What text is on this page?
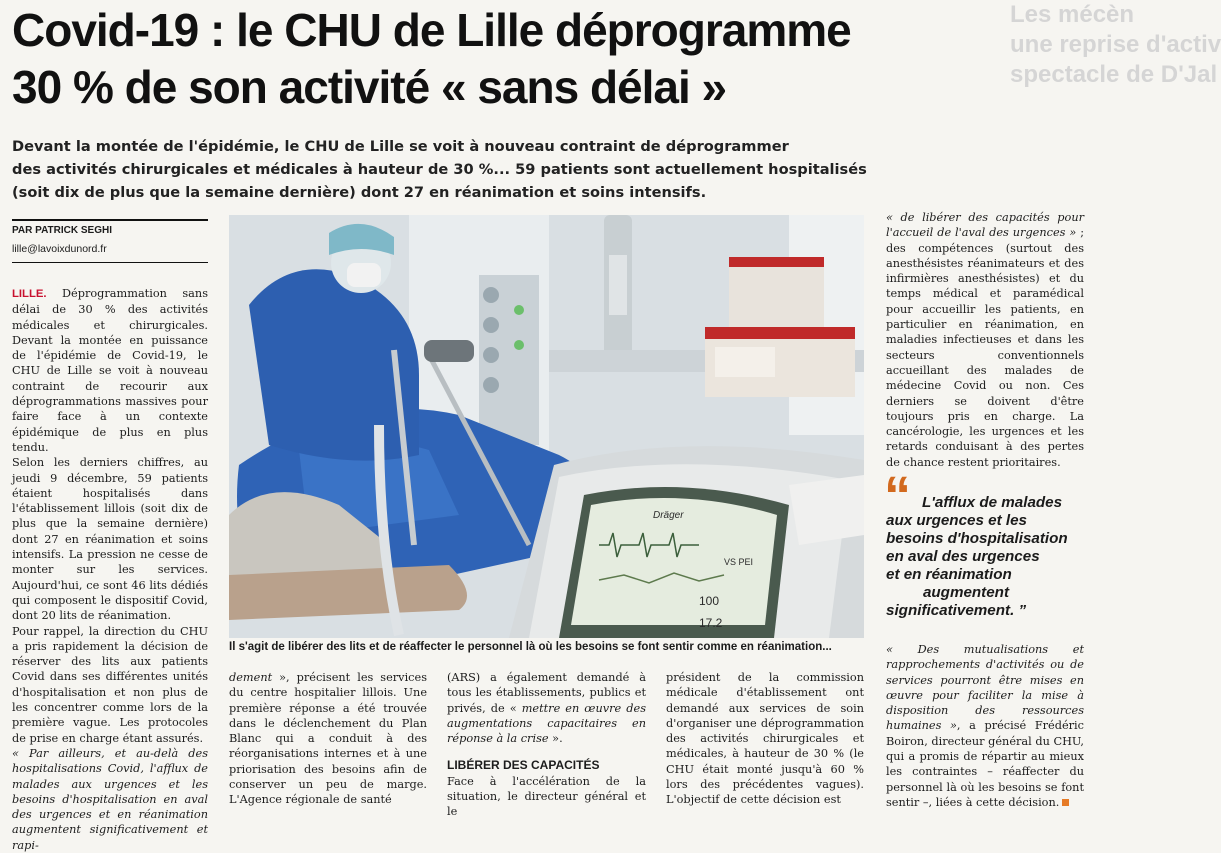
Covid-19 : le CHU de Lille déprogramme
30 % de son activité « sans délai »
Les mécèn
une reprise d'activ
spectacle de D'Jal

Devant la montée de l'épidémie, le CHU de Lille se voit à nouveau contraint de déprogrammer
des activités chirurgicales et médicales à hauteur de 30 %... 59 patients sont actuellement hospitalisés
(soit dix de plus que la semaine dernière) dont 27 en réanimation et soins intensifs.

PAR PATRICK SEGHI
lille@lavoixdunord.fr

LILLE. Déprogrammation sans délai de 30 % des activités médicales et chirurgicales. Devant la montée en puissance de l'épidémie de Covid-19, le CHU de Lille se voit à nouveau contraint de recourir aux déprogrammations massives pour faire face à un contexte épidémique de plus en plus tendu.

Selon les derniers chiffres, au jeudi 9 décembre, 59 patients étaient hospitalisés dans l'établissement lillois (soit dix de plus que la semaine dernière) dont 27 en réanimation et soins intensifs. La pression ne cesse de monter sur les services. Aujourd'hui, ce sont 46 lits dédiés qui composent le dispositif Covid, dont 20 lits de réanimation.

Pour rappel, la direction du CHU a pris rapidement la décision de réserver des lits aux patients Covid dans ses différentes unités d'hospitalisation et non plus de les concentrer comme lors de la première vague. Les protocoles de prise en charge étant assurés.

« Par ailleurs, et au-delà des hospitalisations Covid, l'afflux de malades aux urgences et les besoins d'hospitalisation en aval des urgences et en réanimation augmentent significativement et rapi-

Dräger
VS PEI
100
17.2
Il s'agit de libérer des lits et de réaffecter le personnel là où les besoins se font sentir comme en réanimation...

dement », précisent les services du centre hospitalier lillois. Une première réponse a été trouvée dans le déclenchement du Plan Blanc qui a conduit à des réorganisations internes et à une priorisation des besoins afin de conserver un peu de marge. L'Agence régionale de santé

(ARS) a également demandé à tous les établissements, publics et privés, de « mettre en œuvre des augmentations capacitaires en réponse à la crise ».

LIBÉRER DES CAPACITÉS

Face à l'accélération de la situation, le directeur général et le

président de la commission médicale d'établissement ont demandé aux services de soin d'organiser une déprogrammation des activités chirurgicales et médicales, à hauteur de 30 % (le CHU était monté jusqu'à 60 % lors des précédentes vagues). L'objectif de cette décision est

« de libérer des capacités pour l'accueil de l'aval des urgences » ; des compétences (surtout des anesthésistes réanimateurs et des infirmières anesthésistes) et du temps médical et paramédical pour accueillir les patients, en particulier en réanimation, en maladies infectieuses et dans les secteurs conventionnels accueillant des malades de médecine Covid ou non. Ces derniers se doivent d'être toujours pris en charge. La cancérologie, les urgences et les retards conduisant à des pertes de chance restent prioritaires.

“ L'afflux de malades
aux urgences et les
besoins d'hospitalisation
en aval des urgences
et en réanimation
augmentent
significativement. ”

« Des mutualisations et rapprochements d'activités ou de services pourront être mises en œuvre pour faciliter la mise à disposition des ressources humaines », a précisé Frédéric Boiron, directeur général du CHU, qui a promis de répartir au mieux les contraintes – réaffecter du personnel là où les besoins se font sentir –, liées à cette décision.
